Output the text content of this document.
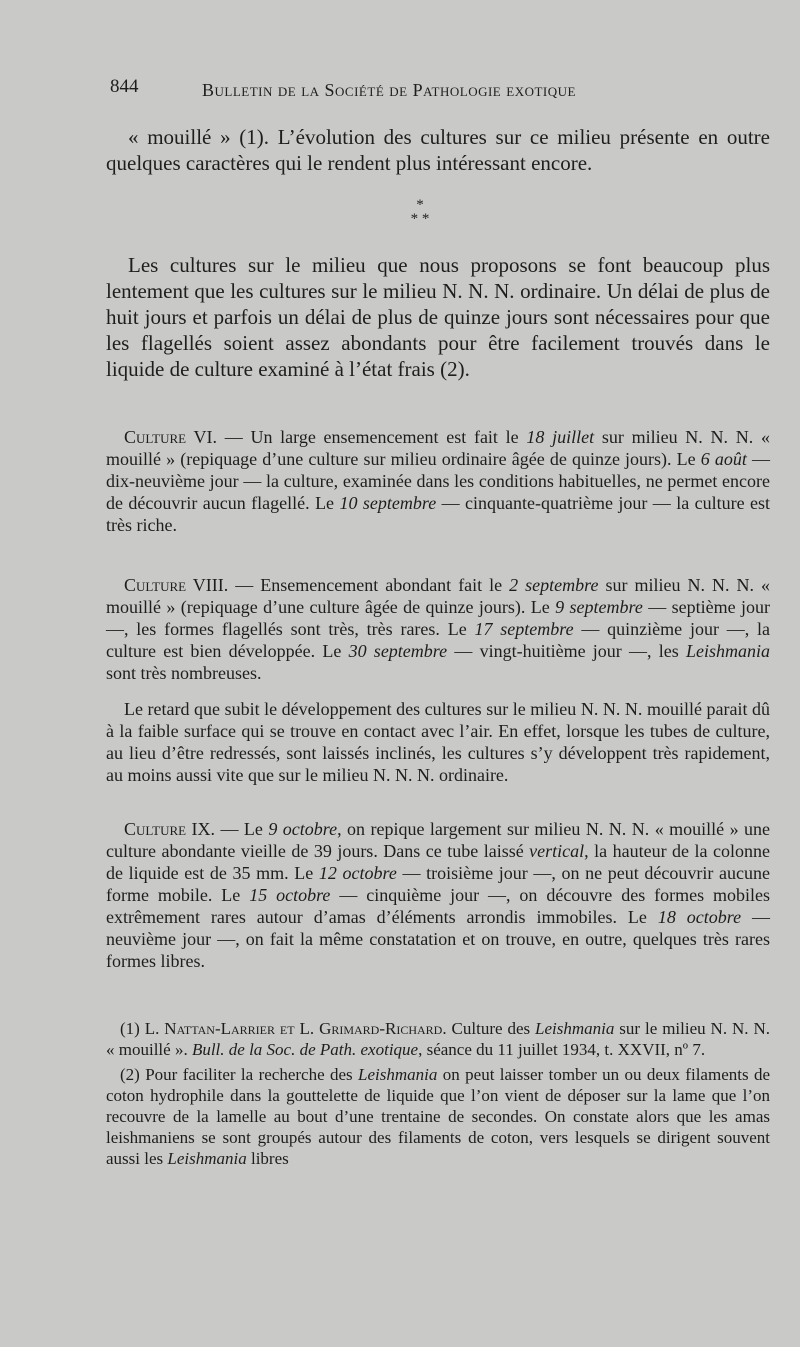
844	Bulletin de la Société de Pathologie exotique

« mouillé » (1). L’évolution des cultures sur ce milieu présente en outre quelques caractères qui le rendent plus intéressant encore.

*
* *

Les cultures sur le milieu que nous proposons se font beaucoup plus lentement que les cultures sur le milieu N. N. N. ordinaire. Un délai de plus de huit jours et parfois un délai de plus de quinze jours sont nécessaires pour que les flagellés soient assez abondants pour être facilement trouvés dans le liquide de culture examiné à l’état frais (2).

Culture VI. — Un large ensemencement est fait le 18 juillet sur milieu N. N. N. « mouillé » (repiquage d’une culture sur milieu ordinaire âgée de quinze jours). Le 6 août — dix-neuvième jour — la culture, examinée dans les conditions habituelles, ne permet encore de découvrir aucun flagellé. Le 10 septembre — cinquante-quatrième jour — la culture est très riche.

Culture VIII. — Ensemencement abondant fait le 2 septembre sur milieu N. N. N. « mouillé » (repiquage d’une culture âgée de quinze jours). Le 9 septembre — septième jour —, les formes flagellés sont très, très rares. Le 17 septembre — quinzième jour —, la culture est bien développée. Le 30 septembre — vingt-huitième jour —, les Leishmania sont très nombreuses.

Le retard que subit le développement des cultures sur le milieu N. N. N. mouillé parait dû à la faible surface qui se trouve en contact avec l’air. En effet, lorsque les tubes de culture, au lieu d’être redressés, sont laissés inclinés, les cultures s’y développent très rapidement, au moins aussi vite que sur le milieu N. N. N. ordinaire.

Culture IX. — Le 9 octobre, on repique largement sur milieu N. N. N. « mouillé » une culture abondante vieille de 39 jours. Dans ce tube laissé vertical, la hauteur de la colonne de liquide est de 35 mm. Le 12 octobre — troisième jour —, on ne peut découvrir aucune forme mobile. Le 15 octobre — cinquième jour —, on découvre des formes mobiles extrêmement rares autour d’amas d’éléments arrondis immobiles. Le 18 octobre — neuvième jour —, on fait la même constatation et on trouve, en outre, quelques très rares formes libres.

(1) L. Nattan-Larrier et L. Grimard-Richard. Culture des Leishmania sur le milieu N. N. N. « mouillé ». Bull. de la Soc. de Path. exotique, séance du 11 juillet 1934, t. XXVII, nº 7.

(2) Pour faciliter la recherche des Leishmania on peut laisser tomber un ou deux filaments de coton hydrophile dans la gouttelette de liquide que l’on vient de déposer sur la lame que l’on recouvre de la lamelle au bout d’une trentaine de secondes. On constate alors que les amas leishmaniens se sont groupés autour des filaments de coton, vers lesquels se dirigent souvent aussi les Leishmania libres
